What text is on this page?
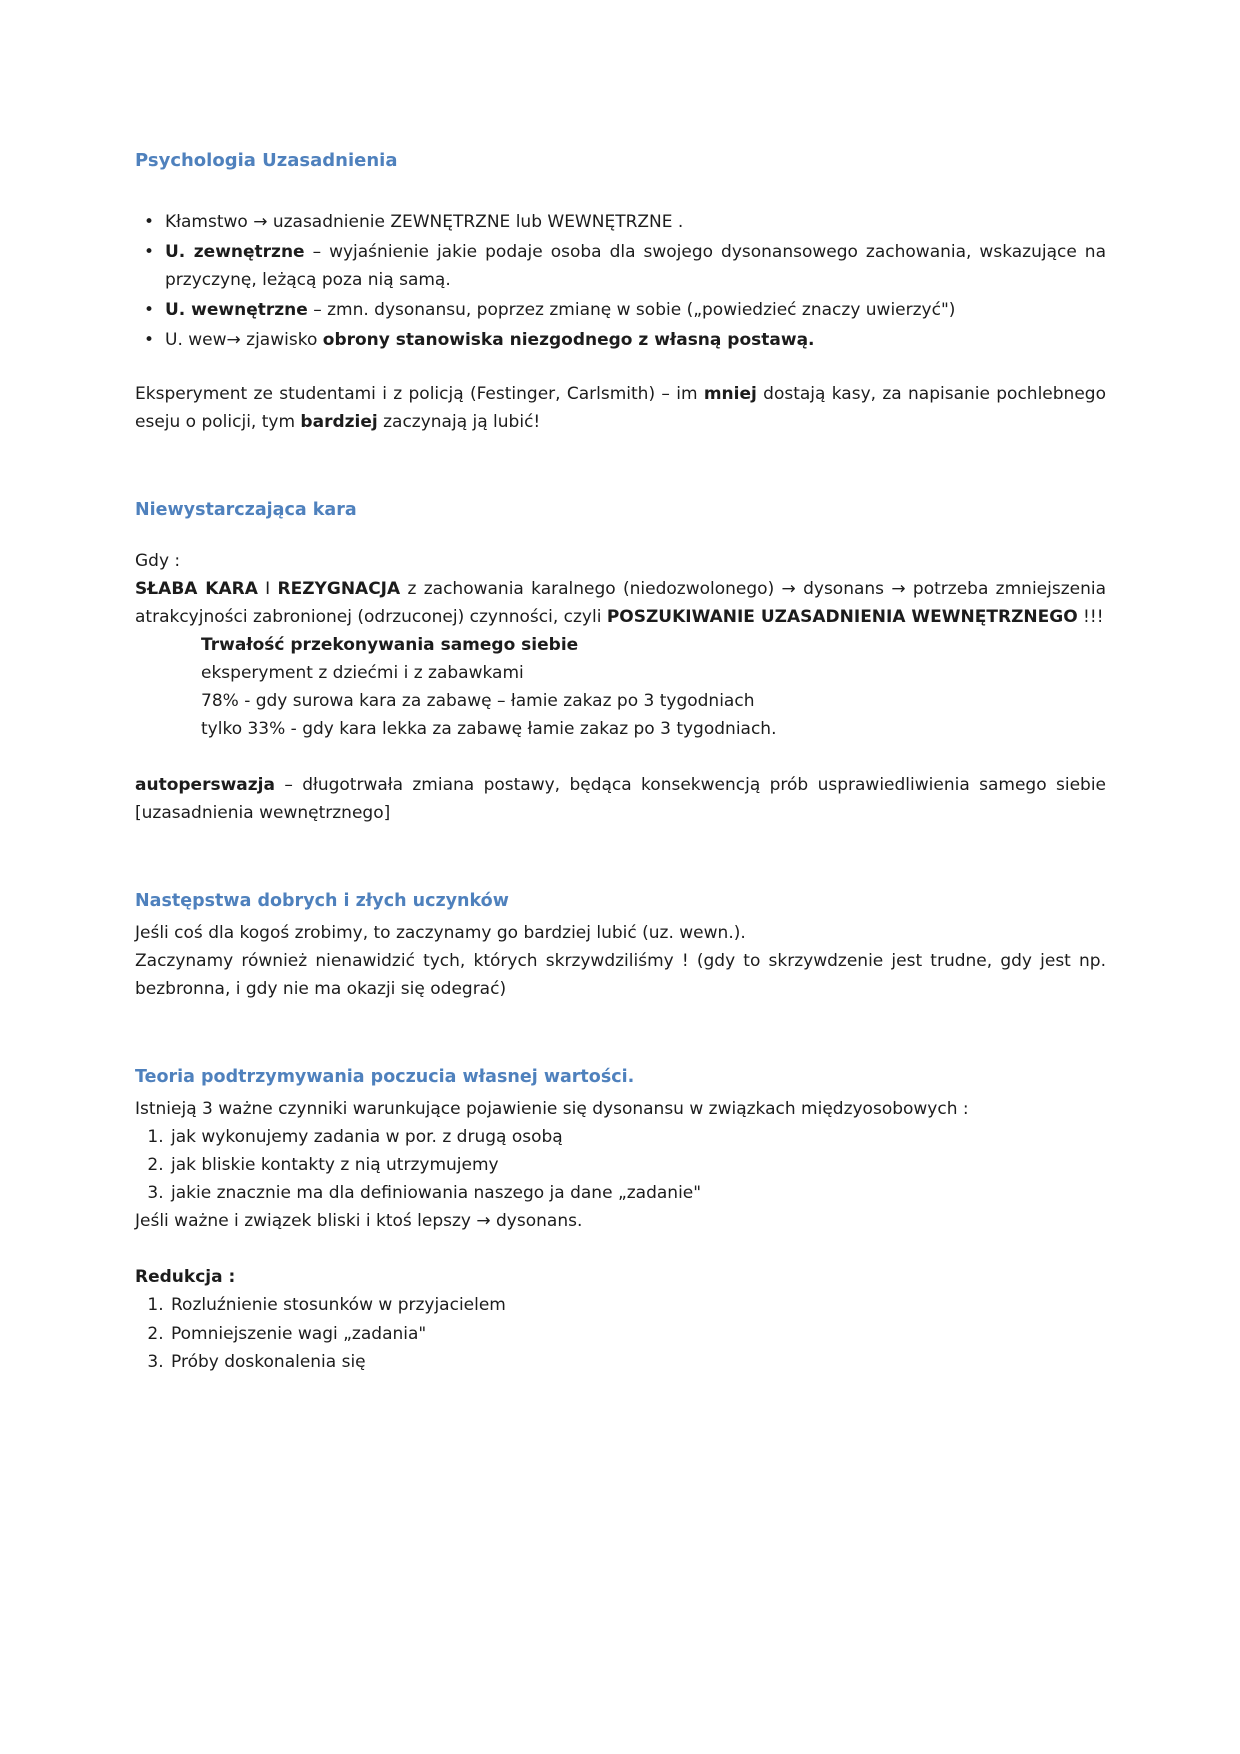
Psychologia Uzasadnienia
• Kłamstwo → uzasadnienie ZEWNĘTRZNE lub WEWNĘTRZNE .
• U. zewnętrzne – wyjaśnienie jakie podaje osoba dla swojego dysonansowego zachowania, wskazujące na przyczynę, leżącą poza nią samą.
• U. wewnętrzne – zmn. dysonansu, poprzez zmianę w sobie („powiedzieć znaczy uwierzyć")
• U. wew→ zjawisko obrony stanowiska niezgodnego z własną postawą.

Eksperyment ze studentami i z policją (Festinger, Carlsmith) – im mniej dostają kasy, za napisanie pochlebnego eseju o policji, tym bardziej zaczynają ją lubić!

Niewystarczająca kara

Gdy :

SŁABA KARA I REZYGNACJA z zachowania karalnego (niedozwolonego) → dysonans → potrzeba zmniejszenia atrakcyjności zabronionej (odrzuconej) czynności, czyli POSZUKIWANIE UZASADNIENIA WEWNĘTRZNEGO !!!

Trwałość przekonywania samego siebie
eksperyment z dziećmi i z zabawkami
78% - gdy surowa kara za zabawę – łamie zakaz po 3 tygodniach
tylko 33% - gdy kara lekka za zabawę łamie zakaz po 3 tygodniach.

autoperswazja – długotrwała zmiana postawy, będąca konsekwencją prób usprawiedliwienia samego siebie [uzasadnienia wewnętrznego]

Następstwa dobrych i złych uczynków

Jeśli coś dla kogoś zrobimy, to zaczynamy go bardziej lubić (uz. wewn.).

Zaczynamy również nienawidzić tych, których skrzywdziliśmy ! (gdy to skrzywdzenie jest trudne, gdy jest np. bezbronna, i gdy nie ma okazji się odegrać)

Teoria podtrzymywania poczucia własnej wartości.

Istnieją 3 ważne czynniki warunkujące pojawienie się dysonansu w związkach międzyosobowych :

1. jak wykonujemy zadania w por. z drugą osobą
2. jak bliskie kontakty z nią utrzymujemy
3. jakie znacznie ma dla definiowania naszego ja dane „zadanie"

Jeśli ważne i związek bliski i ktoś lepszy → dysonans.

Redukcja :

1. Rozluźnienie stosunków w przyjacielem
2. Pomniejszenie wagi „zadania"
3. Próby doskonalenia się
